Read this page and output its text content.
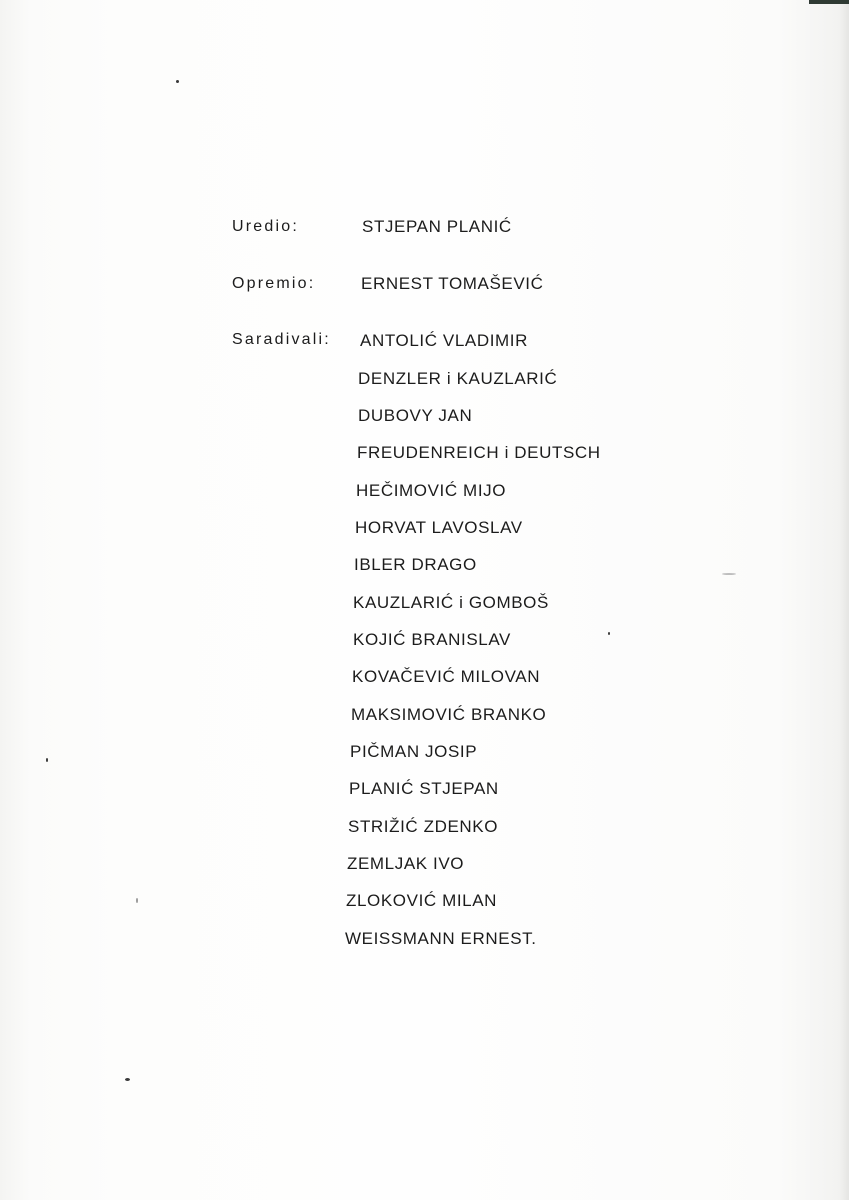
Uredio:	STJEPAN PLANIĆ
Opremio:	ERNEST TOMAŠEVIĆ
Saradivali: ANTOLIĆ VLADIMIR
DENZLER i KAUZLARIĆ
DUBOVY JAN
FREUDENREICH i DEUTSCH
HEČIMOVIĆ MIJO
HORVAT LAVOSLAV
IBLER DRAGO
KAUZLARIĆ i GOMBOŠ
KOJIĆ BRANISLAV
KOVAČEVIĆ MILOVAN
MAKSIMOVIĆ BRANKO
PIČMAN JOSIP
PLANIĆ STJEPAN
STRIŽIĆ ZDENKO
ZEMLJAK IVO
ZLOKOVIĆ MILAN
WEISSMANN ERNEST.
